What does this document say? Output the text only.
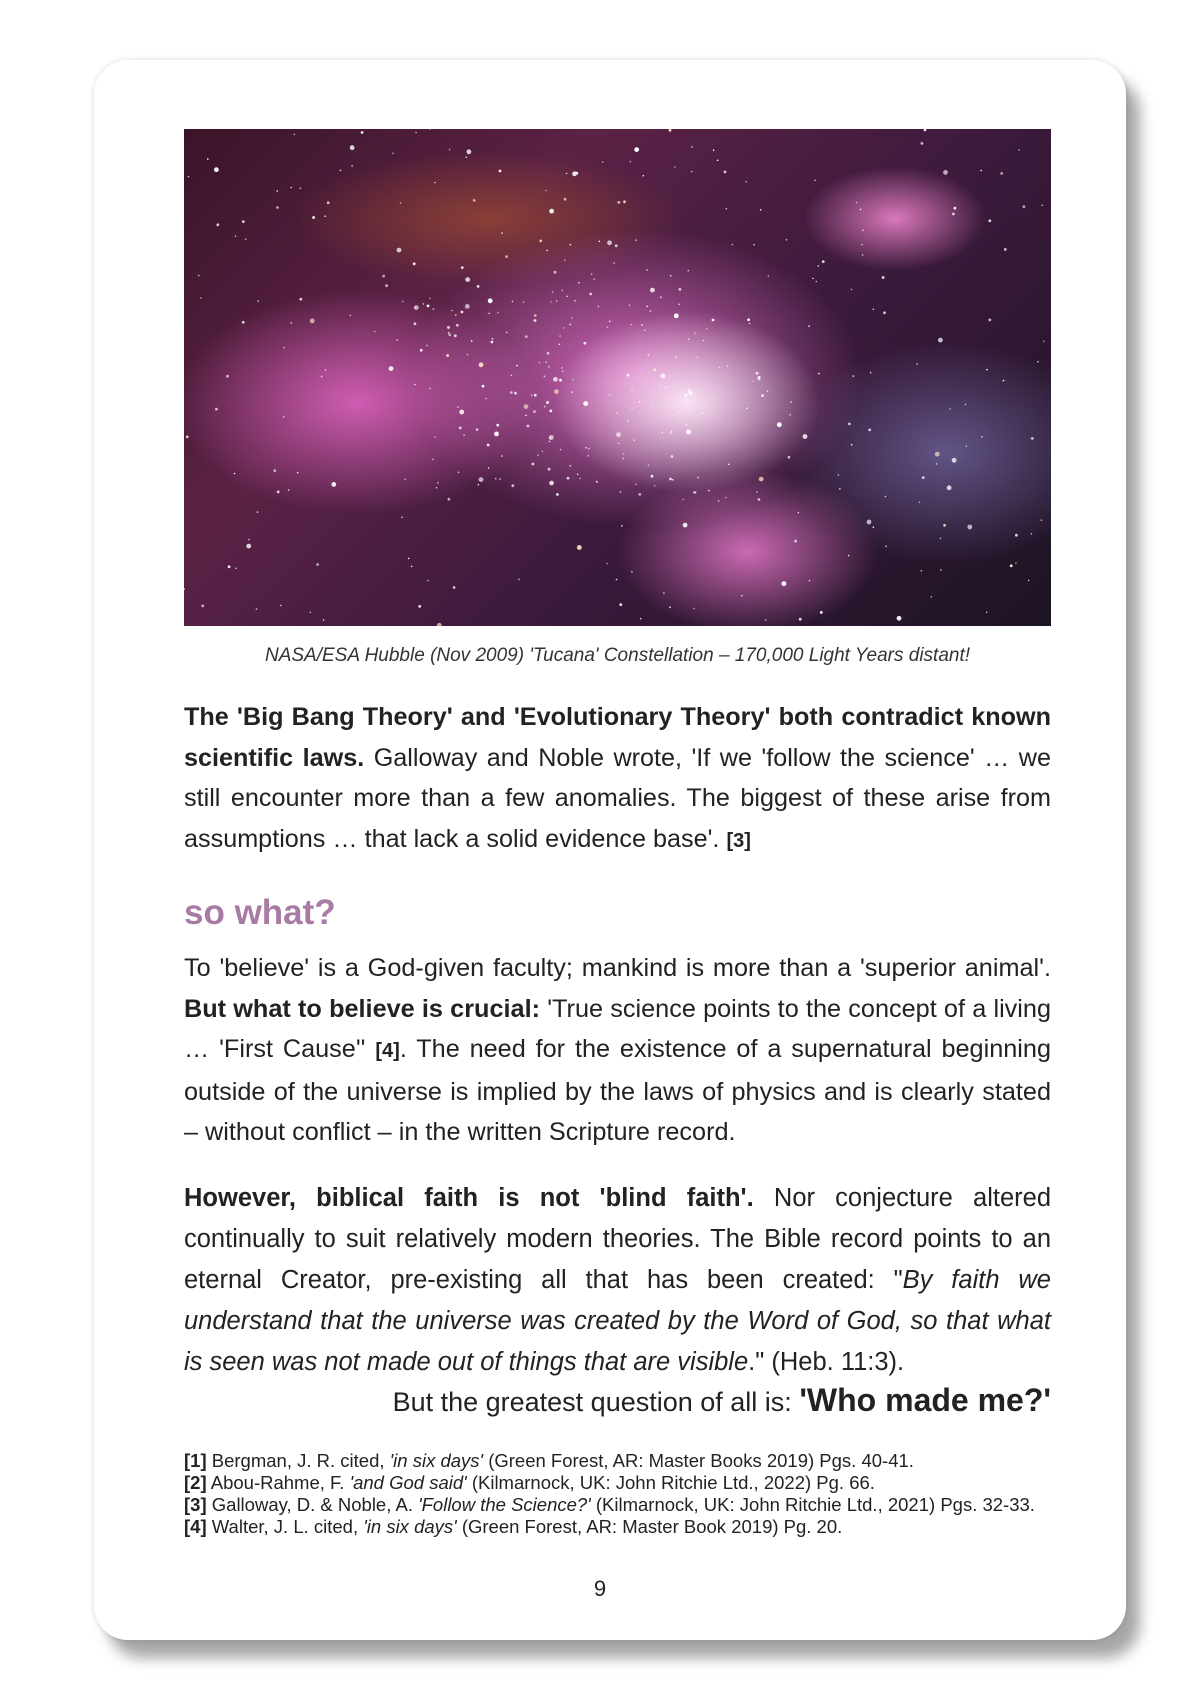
NASA/ESA Hubble (Nov 2009) 'Tucana' Constellation – 170,000 Light Years distant!
The 'Big Bang Theory' and 'Evolutionary Theory' both contradict known scientific laws. Galloway and Noble wrote, 'If we 'follow the science' … we still encounter more than a few anomalies. The biggest of these arise from assumptions … that lack a solid evidence base'. [3]
so what?
To 'believe' is a God-given faculty; mankind is more than a 'superior animal'. But what to believe is crucial: 'True science points to the concept of a living … 'First Cause'' [4]. The need for the existence of a supernatural beginning outside of the universe is implied by the laws of physics and is clearly stated – without conflict – in the written Scripture record.
However, biblical faith is not 'blind faith'. Nor conjecture altered continually to suit relatively modern theories. The Bible record points to an eternal Creator, pre-existing all that has been created: "By faith we understand that the universe was created by the Word of God, so that what is seen was not made out of things that are visible." (Heb. 11:3).
But the greatest question of all is: 'Who made me?'
[1] Bergman, J. R. cited, 'in six days' (Green Forest, AR: Master Books 2019) Pgs. 40-41.
[2] Abou-Rahme, F. 'and God said' (Kilmarnock, UK: John Ritchie Ltd., 2022) Pg. 66.
[3] Galloway, D. & Noble, A. 'Follow the Science?' (Kilmarnock, UK: John Ritchie Ltd., 2021) Pgs. 32-33.
[4] Walter, J. L. cited, 'in six days' (Green Forest, AR: Master Book 2019) Pg. 20.
9
